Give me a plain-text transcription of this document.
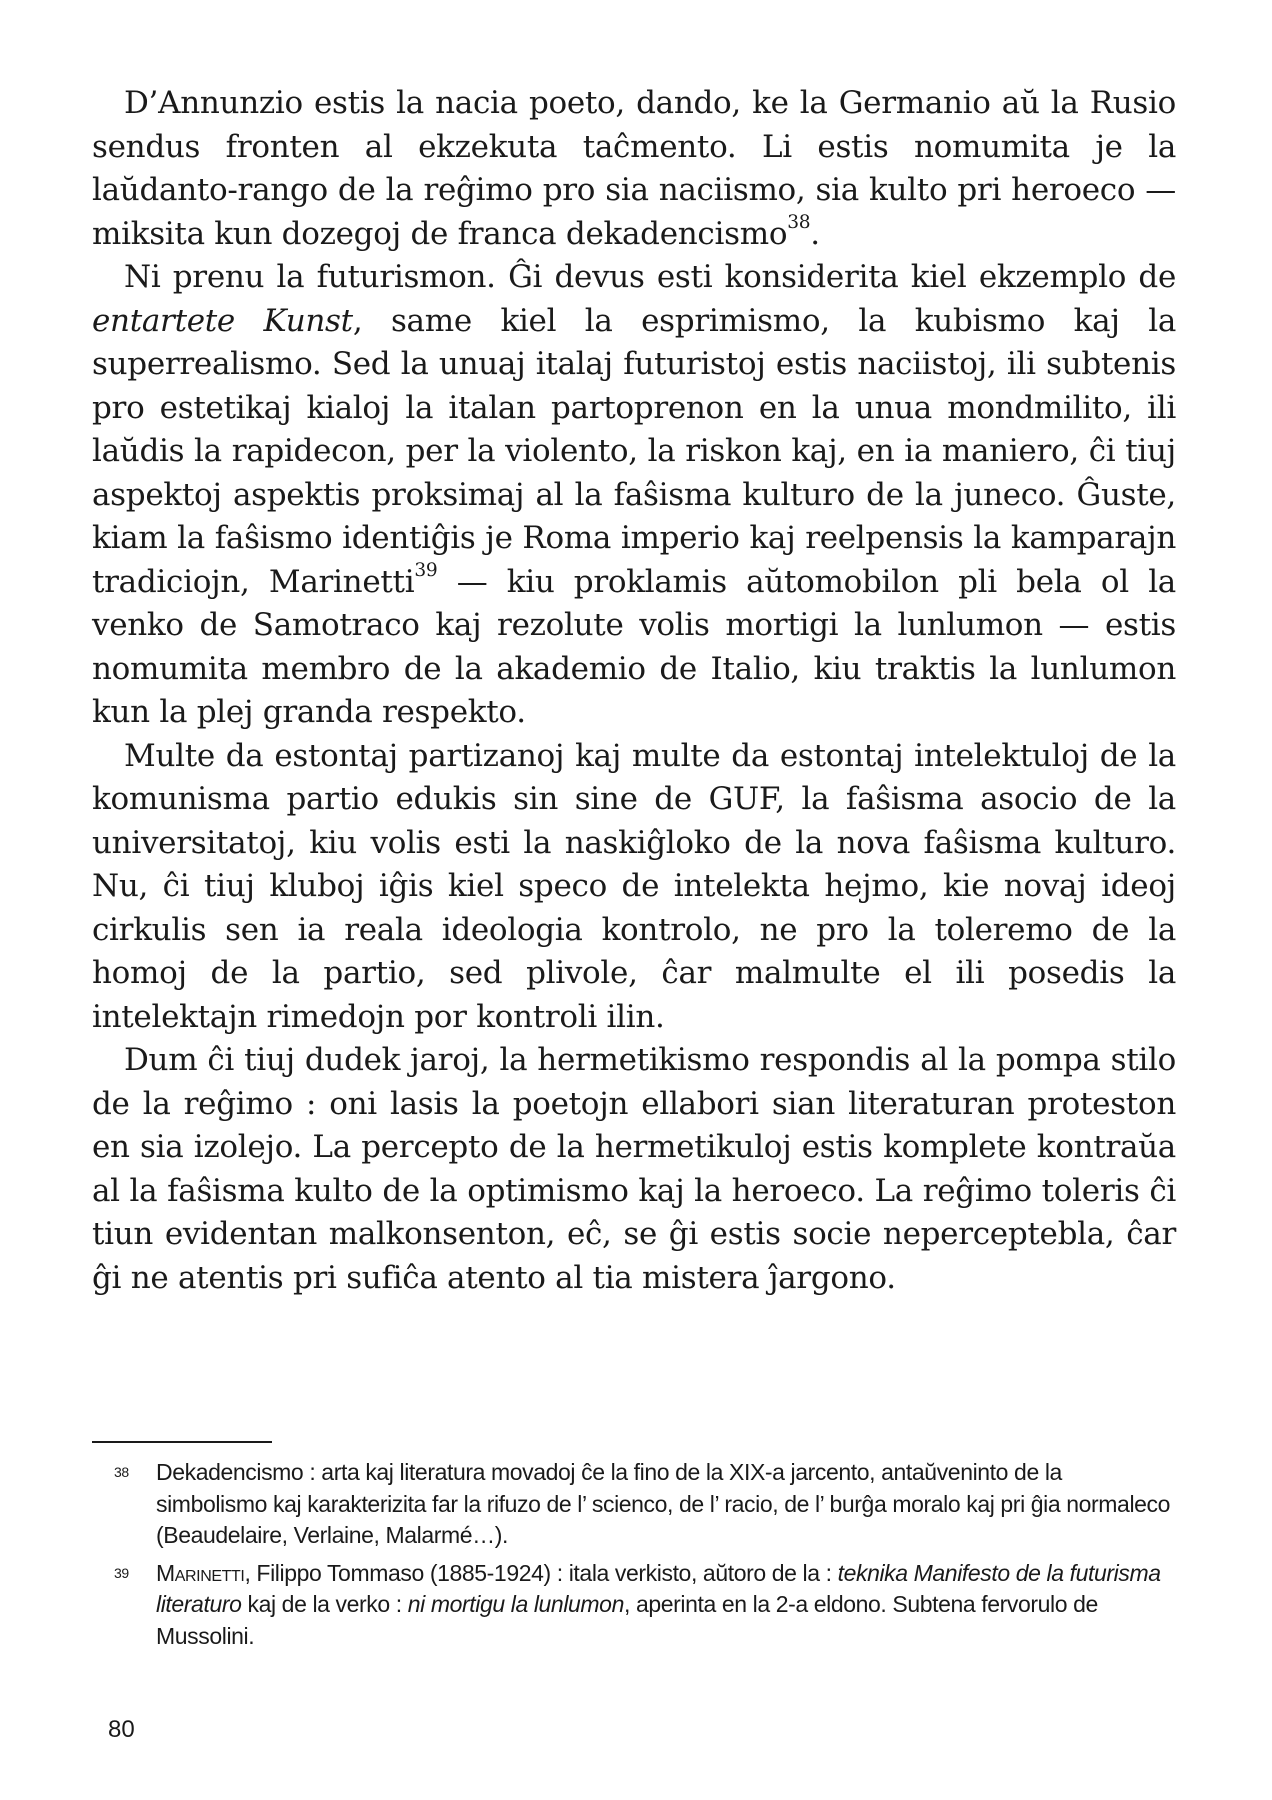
D’Annunzio estis la nacia poeto, dando, ke la Germanio aŭ la Rusio sendus fronten al ekzekuta taĉmento. Li estis nomumita je la laŭdanto-rango de la reĝimo pro sia naciismo, sia kulto pri heroeco — miksita kun dozegoj de franca dekadencismo$^{38}$.

Ni prenu la futurismon. Ĝi devus esti konsiderita kiel ekzemplo de entartete Kunst, same kiel la esprimismo, la kubismo kaj la superrealismo. Sed la unuaj italaj futuristoj estis naciistoj, ili subtenis pro estetikaj kialoj la italan partoprenon en la unua mondmilito, ili laŭdis la rapidecon, per la violento, la riskon kaj, en ia maniero, ĉi tiuj aspektoj aspektis proksimaj al la faŝisma kulturo de la juneco. Ĝuste, kiam la faŝismo identiĝis je Roma imperio kaj reelpensis la kamparajn tradiciojn, Marinetti$^{39}$ — kiu proklamis aŭtomobilon pli bela ol la venko de Samotraco kaj rezolute volis mortigi la lunlumon — estis nomumita membro de la akademio de Italio, kiu traktis la lunlumon kun la plej granda respekto.

Multe da estontaj partizanoj kaj multe da estontaj intelektuloj de la komunisma partio edukis sin sine de GUF, la faŝisma asocio de la universitatoj, kiu volis esti la naskiĝloko de la nova faŝisma kulturo. Nu, ĉi tiuj kluboj iĝis kiel speco de intelekta hejmo, kie novaj ideoj cirkulis sen ia reala ideologia kontrolo, ne pro la toleremo de la homoj de la partio, sed plivole, ĉar malmulte el ili posedis la intelektajn rimedojn por kontroli ilin.

Dum ĉi tiuj dudek jaroj, la hermetikismo respondis al la pompa stilo de la reĝimo : oni lasis la poetojn ellabori sian literaturan proteston en sia izolejo. La percepto de la hermetikuloj estis komplete kontraŭa al la faŝisma kulto de la optimismo kaj la heroeco. La reĝimo toleris ĉi tiun evidentan malkonsenton, eĉ, se ĝi estis socie neperceptebla, ĉar ĝi ne atentis pri sufiĉa atento al tia mistera ĵargono.

38	Dekadencismo : arta kaj literatura movadoj ĉe la fino de la XIX-a jarcento, antaŭveninto de la simbolismo kaj karakterizita far la rifuzo de l’ sciencо, de l’ racio, de l’ burĝa moralo kaj pri ĝia normaleco (Beaudelaire, Verlaine, Malarmé…).
39	Marinetti, Filippo Tommaso (1885-1924) : itala verkisto, aŭtoro de la : teknika Manifesto de la futurisma literaturo kaj de la verko : ni mortigu la lunlumon, aperinta en la 2-a eldono. Subtena fervorulo de Mussolini.
80
